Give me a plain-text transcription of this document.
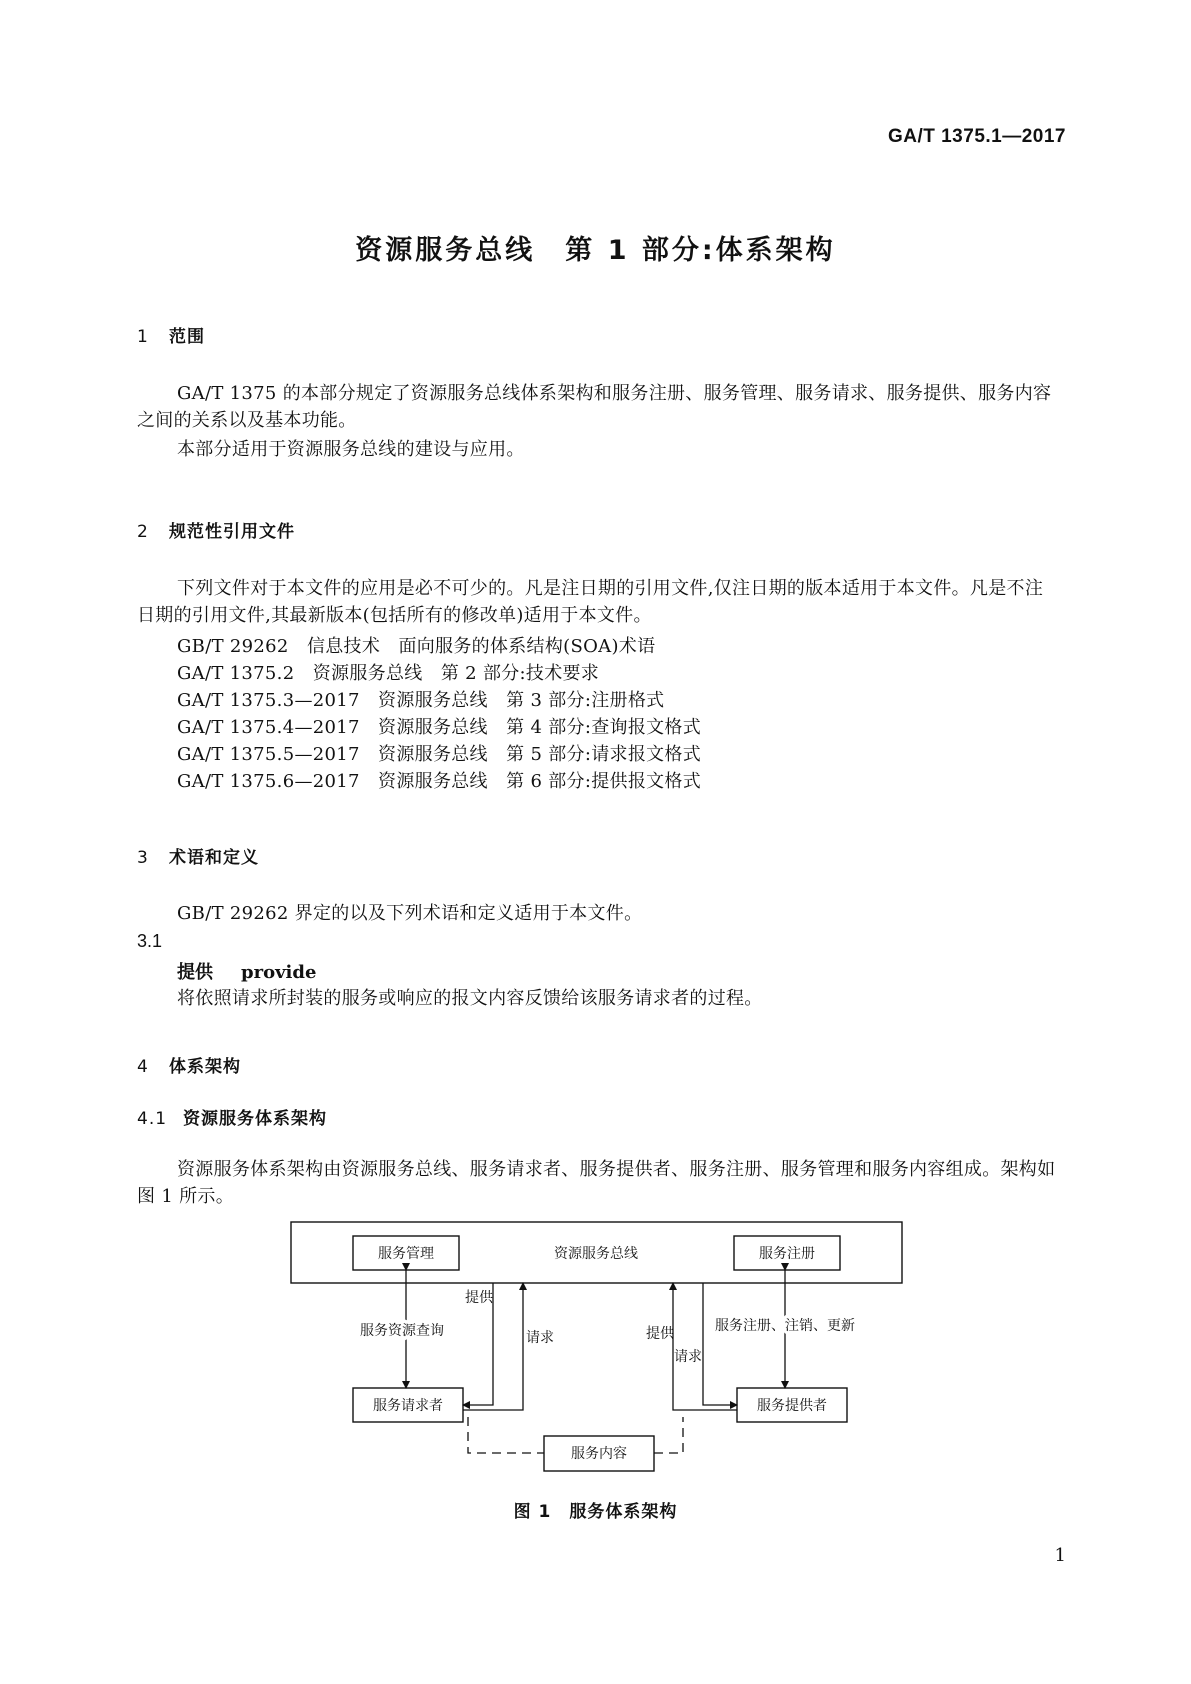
GA/T 1375.1—2017
资源服务总线　第 1 部分:体系架构
1 范围
GA/T 1375 的本部分规定了资源服务总线体系架构和服务注册、服务管理、服务请求、服务提供、服务内容之间的关系以及基本功能。
本部分适用于资源服务总线的建设与应用。
2 规范性引用文件
下列文件对于本文件的应用是必不可少的。凡是注日期的引用文件,仅注日期的版本适用于本文件。凡是不注日期的引用文件,其最新版本(包括所有的修改单)适用于本文件。
GB/T 29262　信息技术　面向服务的体系结构(SOA)术语
GA/T 1375.2　资源服务总线　第 2 部分:技术要求
GA/T 1375.3—2017　资源服务总线　第 3 部分:注册格式
GA/T 1375.4—2017　资源服务总线　第 4 部分:查询报文格式
GA/T 1375.5—2017　资源服务总线　第 5 部分:请求报文格式
GA/T 1375.6—2017　资源服务总线　第 6 部分:提供报文格式
3 术语和定义
GB/T 29262 界定的以及下列术语和定义适用于本文件。
3.1
提供 provide
将依照请求所封装的服务或响应的报文内容反馈给该服务请求者的过程。
4 体系架构
4.1 资源服务体系架构
资源服务体系架构由资源服务总线、服务请求者、服务提供者、服务注册、服务管理和服务内容组成。架构如图 1 所示。
资源服务总线
服务管理	服务注册
服务请求者	服务提供者
服务内容
服务资源查询
提供
请求	提供
请求
服务注册、注销、更新
图 1　服务体系架构
1
